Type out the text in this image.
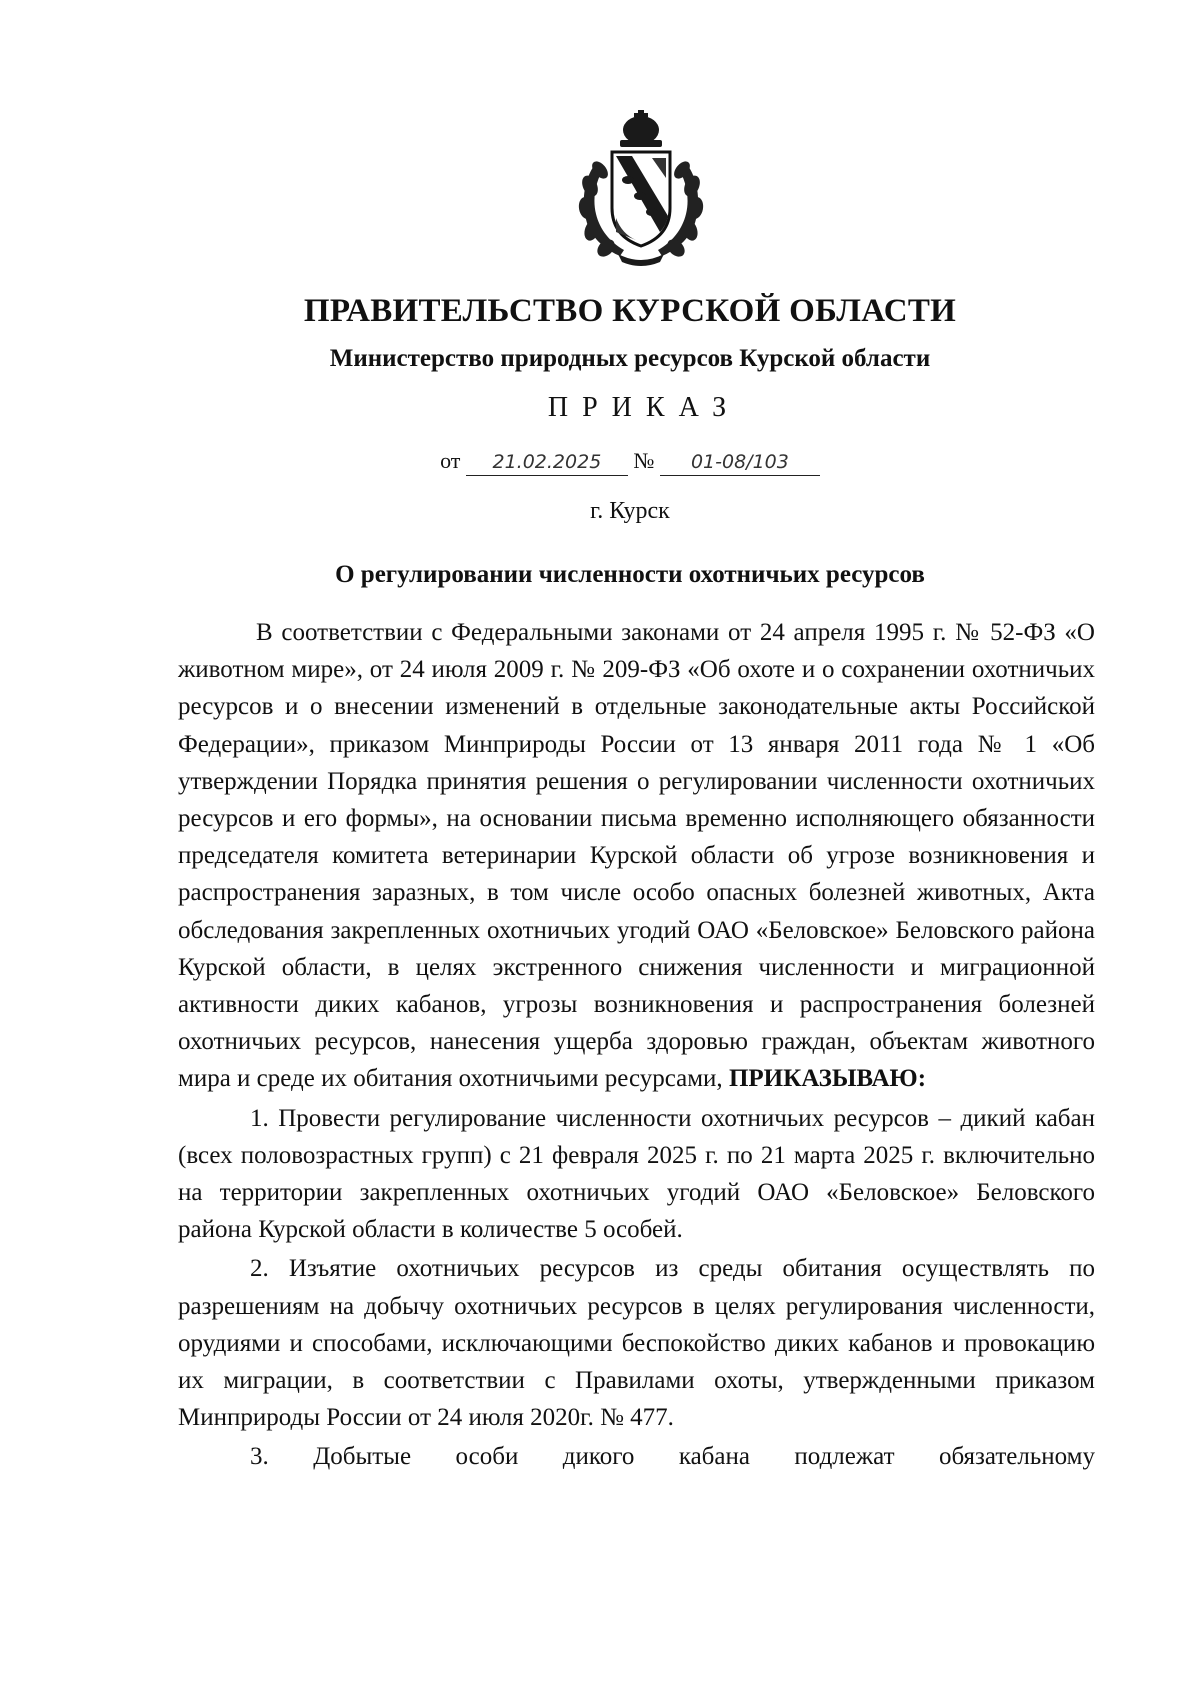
ПРАВИТЕЛЬСТВО КУРСКОЙ ОБЛАСТИ
Министерство природных ресурсов Курской области
ПРИКАЗ
от 21.02.2025 № 01-08/103
г. Курск
О регулировании численности охотничьих ресурсов

В соответствии с Федеральными законами от 24 апреля 1995 г. № 52-ФЗ «О животном мире», от 24 июля 2009 г. № 209-ФЗ «Об охоте и о сохранении охотничьих ресурсов и о внесении изменений в отдельные законодательные акты Российской Федерации», приказом Минприроды России от 13 января 2011 года № 1 «Об утверждении Порядка принятия решения о регулировании численности охотничьих ресурсов и его формы», на основании письма временно исполняющего обязанности председателя комитета ветеринарии Курской области об угрозе возникновения и распространения заразных, в том числе особо опасных болезней животных, Акта обследования закрепленных охотничьих угодий ОАО «Беловское» Беловского района Курской области, в целях экстренного снижения численности и миграционной активности диких кабанов, угрозы возникновения и распространения болезней охотничьих ресурсов, нанесения ущерба здоровью граждан, объектам животного мира и среде их обитания охотничьими ресурсами, ПРИКАЗЫВАЮ:

1. Провести регулирование численности охотничьих ресурсов – дикий кабан (всех половозрастных групп) с 21 февраля 2025 г. по 21 марта 2025 г. включительно на территории закрепленных охотничьих угодий ОАО «Беловское» Беловского района Курской области в количестве 5 особей.

2. Изъятие охотничьих ресурсов из среды обитания осуществлять по разрешениям на добычу охотничьих ресурсов в целях регулирования численности, орудиями и способами, исключающими беспокойство диких кабанов и провокацию их миграции, в соответствии с Правилами охоты, утвержденными приказом Минприроды России от 24 июля 2020г. № 477.

3. Добытые особи дикого кабана подлежат обязательному
